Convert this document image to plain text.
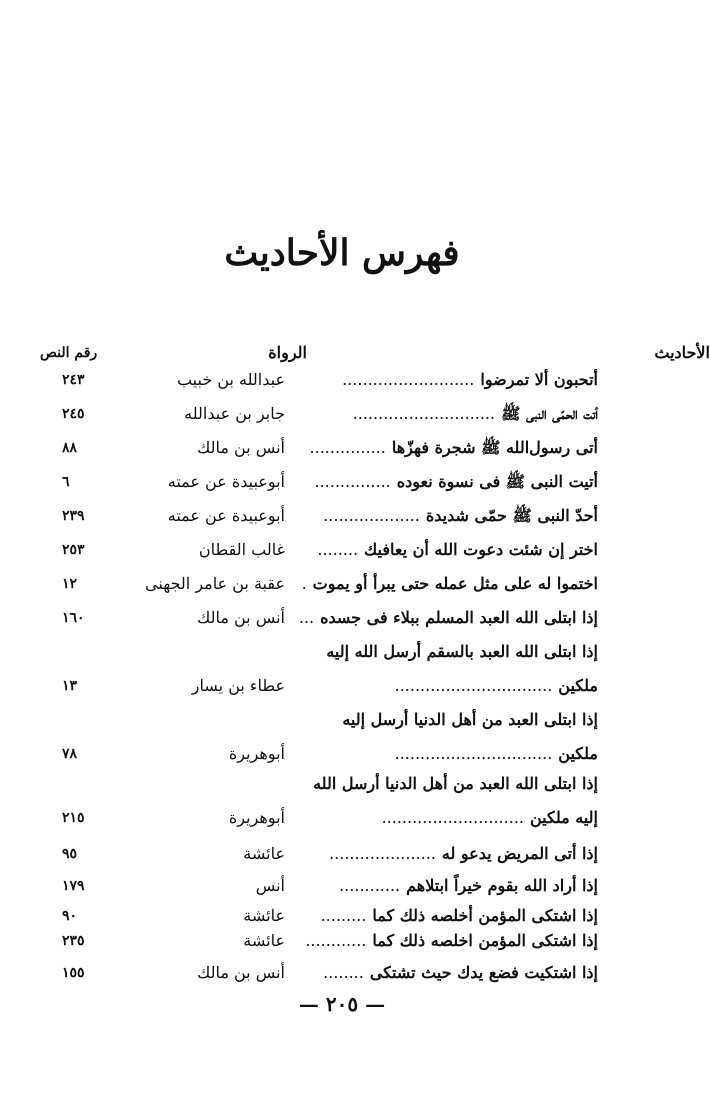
فهرس الأحاديث
الأحاديث
الرواة
رقم النص
أتحبون ألا تمرضوا..........................
عبدالله بن خبيب
٢٤٣
أتت الحمّى النبى ﷺ............................
جابر بن عبدالله
٢٤٥
أتى رسول‌الله ﷺ شجرة فهزّها...............
أنس بن مالك
٨٨
أتيت النبى ﷺ فى نسوة نعوده...............
أبوعبيدة عن عمته
٦
أحدّ النبى ﷺ حمّى شديدة...................
أبوعبيدة عن عمته
٢٣٩
اختر إن شئت دعوت الله أن يعافيك........
غالب القطان
٢٥٣
اختموا له على مثل عمله حتى يبرأ أو يموت.
عقبة بن عامر الجهنى
١٢
إذا ابتلى الله العبد المسلم ببلاء فى جسده...
أنس بن مالك
١٦٠
إذا ابتلى الله العبد بالسقم أرسل الله إليه
ملكين...............................
عطاء بن يسار
١٣
إذا ابتلى العبد من أهل الدنيا أرسل إليه
ملكين...............................
أبوهريرة
٧٨
إذا ابتلى الله العبد من أهل الدنيا أرسل الله
إليه ملكين............................
أبوهريرة
٢١٥
إذا أتى المريض يدعو له.....................
عائشة
٩٥
إذا أراد الله بقوم خيراً ابتلاهم............
أنس
١٧٩
إذا اشتكى المؤمن أخلصه ذلك كما.........
عائشة
٩٠
إذا اشتكى المؤمن اخلصه ذلك كما............
عائشة
٢٣٥
إذا اشتكيت فضع يدك حيث تشتكى........
أنس بن مالك
١٥٥
— ٢٠٥ —
